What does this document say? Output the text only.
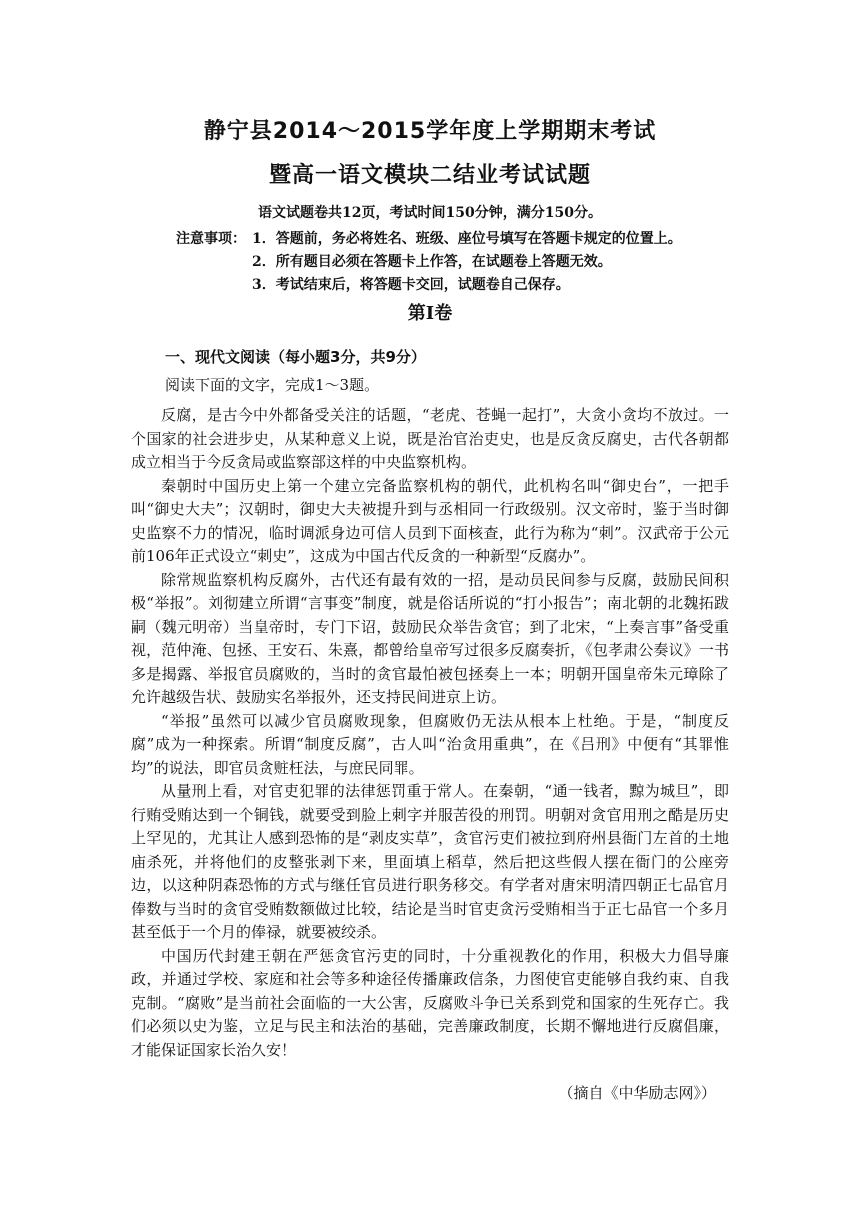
静宁县2014～2015学年度上学期期末考试
暨高一语文模块二结业考试试题
语文试题卷共12页，考试时间150分钟，满分150分。
注意事项： 1．答题前，务必将姓名、班级、座位号填写在答题卡规定的位置上。
2．所有题目必须在答题卡上作答，在试题卷上答题无效。
3．考试结束后，将答题卡交回，试题卷自己保存。
第Ⅰ卷
一、现代文阅读（每小题3分，共9分）
阅读下面的文字，完成1～3题。

反腐，是古今中外都备受关注的话题，“老虎、苍蝇一起打”，大贪小贪均不放过。一个国家的社会进步史，从某种意义上说，既是治官治吏史，也是反贪反腐史，古代各朝都成立相当于今反贪局或监察部这样的中央监察机构。

秦朝时中国历史上第一个建立完备监察机构的朝代，此机构名叫“御史台”，一把手叫“御史大夫”；汉朝时，御史大夫被提升到与丞相同一行政级别。汉文帝时，鉴于当时御史监察不力的情况，临时调派身边可信人员到下面核查，此行为称为“刺”。汉武帝于公元前106年正式设立“刺史”，这成为中国古代反贪的一种新型“反腐办”。

除常规监察机构反腐外，古代还有最有效的一招，是动员民间参与反腐，鼓励民间积极“举报”。刘彻建立所谓“言事变”制度，就是俗话所说的“打小报告”；南北朝的北魏拓跋嗣（魏元明帝）当皇帝时，专门下诏，鼓励民众举告贪官；到了北宋，“上奏言事”备受重视，范仲淹、包拯、王安石、朱熹，都曾给皇帝写过很多反腐奏折，《包孝肃公奏议》一书多是揭露、举报官员腐败的，当时的贪官最怕被包拯奏上一本；明朝开国皇帝朱元璋除了允许越级告状、鼓励实名举报外，还支持民间进京上访。

“举报”虽然可以减少官员腐败现象，但腐败仍无法从根本上杜绝。于是，“制度反腐”成为一种探索。所谓“制度反腐”，古人叫“治贪用重典”，在《吕刑》中便有“其罪惟均”的说法，即官员贪赃枉法，与庶民同罪。

从量刑上看，对官吏犯罪的法律惩罚重于常人。在秦朝，“通一钱者，黥为城旦”，即行贿受贿达到一个铜钱，就要受到脸上刺字并服苦役的刑罚。明朝对贪官用刑之酷是历史上罕见的，尤其让人感到恐怖的是“剥皮实草”，贪官污吏们被拉到府州县衙门左首的土地庙杀死，并将他们的皮整张剥下来，里面填上稻草，然后把这些假人摆在衙门的公座旁边，以这种阴森恐怖的方式与继任官员进行职务移交。有学者对唐宋明清四朝正七品官月俸数与当时的贪官受贿数额做过比较，结论是当时官吏贪污受贿相当于正七品官一个多月甚至低于一个月的俸禄，就要被绞杀。

中国历代封建王朝在严惩贪官污吏的同时，十分重视教化的作用，积极大力倡导廉政，并通过学校、家庭和社会等多种途径传播廉政信条，力图使官吏能够自我约束、自我克制。“腐败”是当前社会面临的一大公害，反腐败斗争已关系到党和国家的生死存亡。我们必须以史为鉴，立足与民主和法治的基础，完善廉政制度，长期不懈地进行反腐倡廉，才能保证国家长治久安！

（摘自《中华励志网》）
